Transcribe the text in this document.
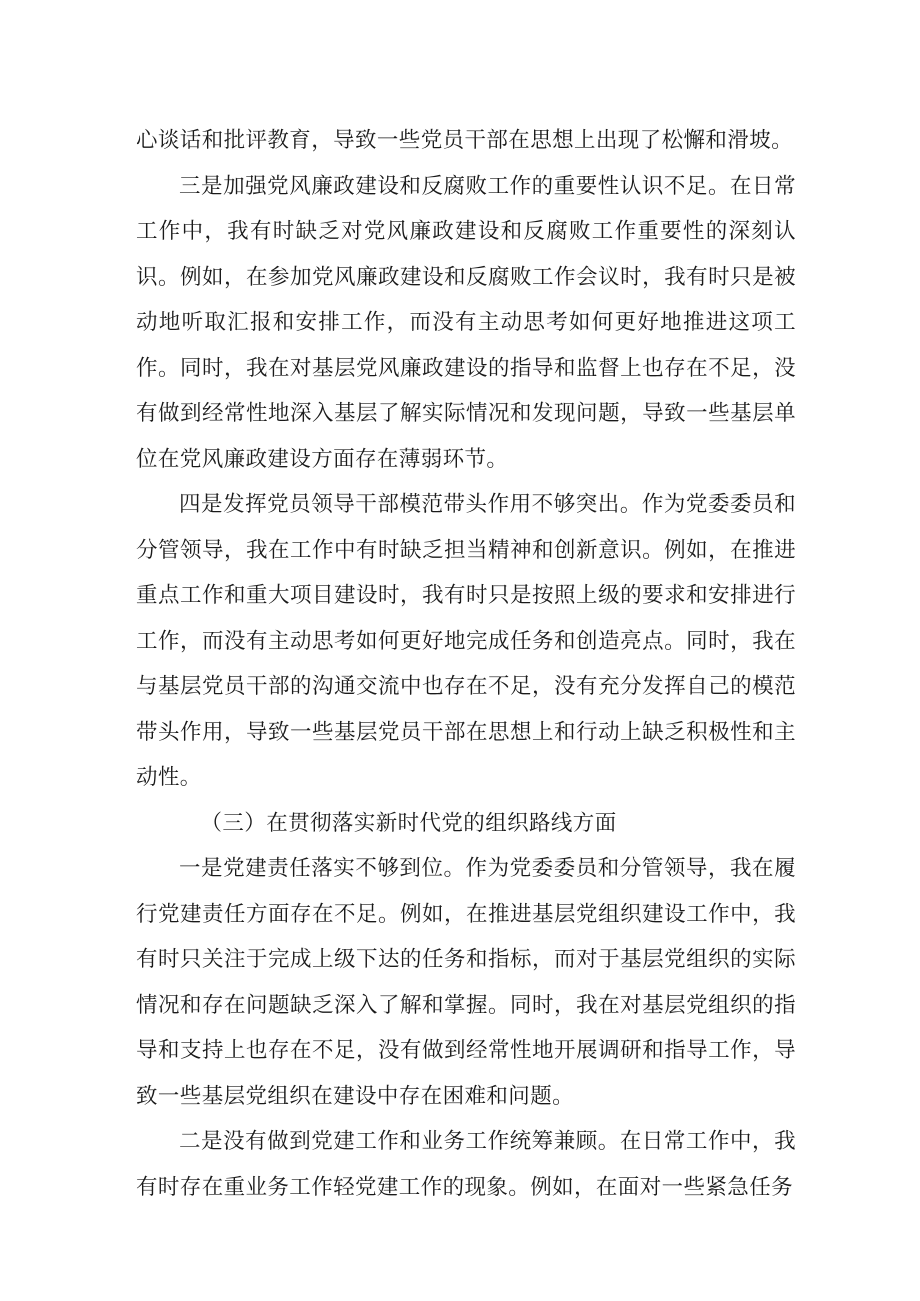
心谈话和批评教育，导致一些党员干部在思想上出现了松懈和滑坡。

三是加强党风廉政建设和反腐败工作的重要性认识不足。在日常工作中，我有时缺乏对党风廉政建设和反腐败工作重要性的深刻认识。例如，在参加党风廉政建设和反腐败工作会议时，我有时只是被动地听取汇报和安排工作，而没有主动思考如何更好地推进这项工作。同时，我在对基层党风廉政建设的指导和监督上也存在不足，没有做到经常性地深入基层了解实际情况和发现问题，导致一些基层单位在党风廉政建设方面存在薄弱环节。

四是发挥党员领导干部模范带头作用不够突出。作为党委委员和分管领导，我在工作中有时缺乏担当精神和创新意识。例如，在推进重点工作和重大项目建设时，我有时只是按照上级的要求和安排进行工作，而没有主动思考如何更好地完成任务和创造亮点。同时，我在与基层党员干部的沟通交流中也存在不足，没有充分发挥自己的模范带头作用，导致一些基层党员干部在思想上和行动上缺乏积极性和主动性。

（三）在贯彻落实新时代党的组织路线方面

一是党建责任落实不够到位。作为党委委员和分管领导，我在履行党建责任方面存在不足。例如，在推进基层党组织建设工作中，我有时只关注于完成上级下达的任务和指标，而对于基层党组织的实际情况和存在问题缺乏深入了解和掌握。同时，我在对基层党组织的指导和支持上也存在不足，没有做到经常性地开展调研和指导工作，导致一些基层党组织在建设中存在困难和问题。

二是没有做到党建工作和业务工作统筹兼顾。在日常工作中，我有时存在重业务工作轻党建工作的现象。例如，在面对一些紧急任务
